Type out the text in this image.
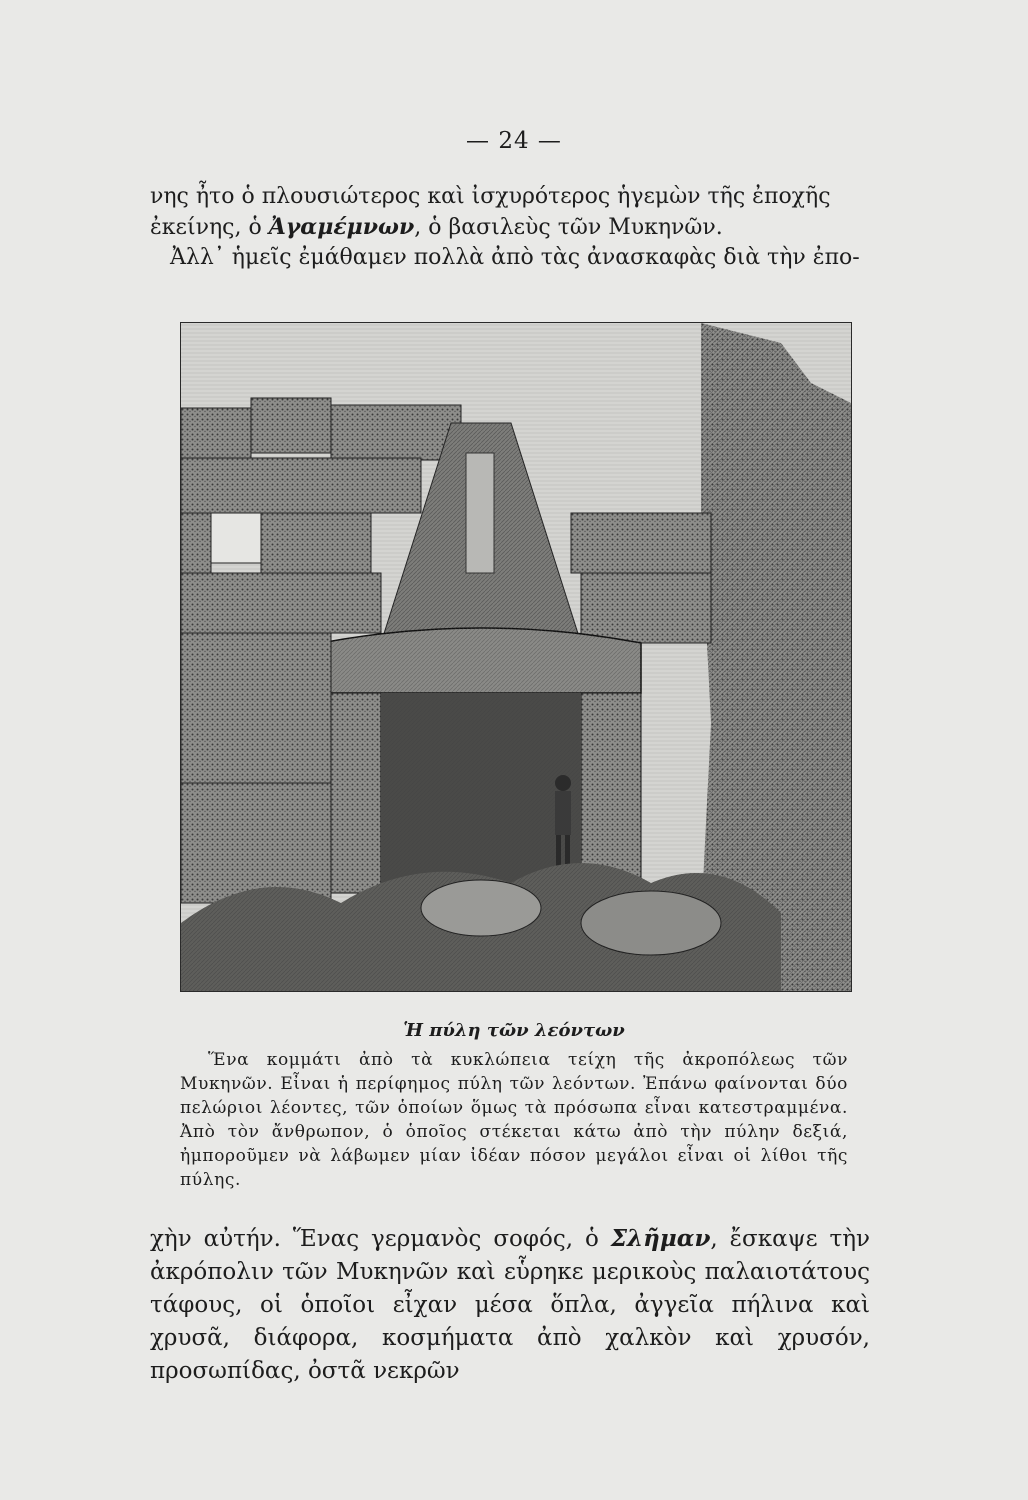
— 24 —

νης ἦτο ὁ πλουσιώτερος καὶ ἰσχυρότερος ἡγεμὼν τῆς ἐποχῆς

ἐκείνης, ὁ Ἀγαμέμνων, ὁ βασιλεὺς τῶν Μυκηνῶν.

Ἀλλ᾿ ἡμεῖς ἐμάθαμεν πολλὰ ἀπὸ τὰς ἀνασκαφὰς διὰ τὴν ἐπο-

Ἡ πύλη τῶν λεόντων

Ἕνα κομμάτι ἀπὸ τὰ κυκλώπεια τείχη τῆς ἀκροπόλεως τῶν Μυκηνῶν. Εἶναι ἡ περίφημος πύλη τῶν λεόντων. Ἐπάνω φαίνονται δύο πελώριοι λέοντες, τῶν ὁποίων ὅμως τὰ πρόσωπα εἶναι κατεστραμμένα. Ἀπὸ τὸν ἄνθρωπον, ὁ ὁποῖος στέκεται κάτω ἀπὸ τὴν πύλην δεξιά, ἠμποροῦμεν νὰ λάβωμεν μίαν ἰδέαν πόσον μεγάλοι εἶναι οἱ λίθοι τῆς πύλης.

χὴν αὐτήν. Ἕνας γερμανὸς σοφός, ὁ Σλῆμαν, ἔσκαψε τὴν ἀκρόπολιν τῶν Μυκηνῶν καὶ εὗρηκε μερικοὺς παλαιοτάτους τάφους, οἱ ὁποῖοι εἶχαν μέσα ὅπλα, ἀγγεῖα πήλινα καὶ χρυσᾶ, διάφορα, κοσμήματα ἀπὸ χαλκὸν καὶ χρυσόν, προσωπίδας, ὀστᾶ νεκρῶν
